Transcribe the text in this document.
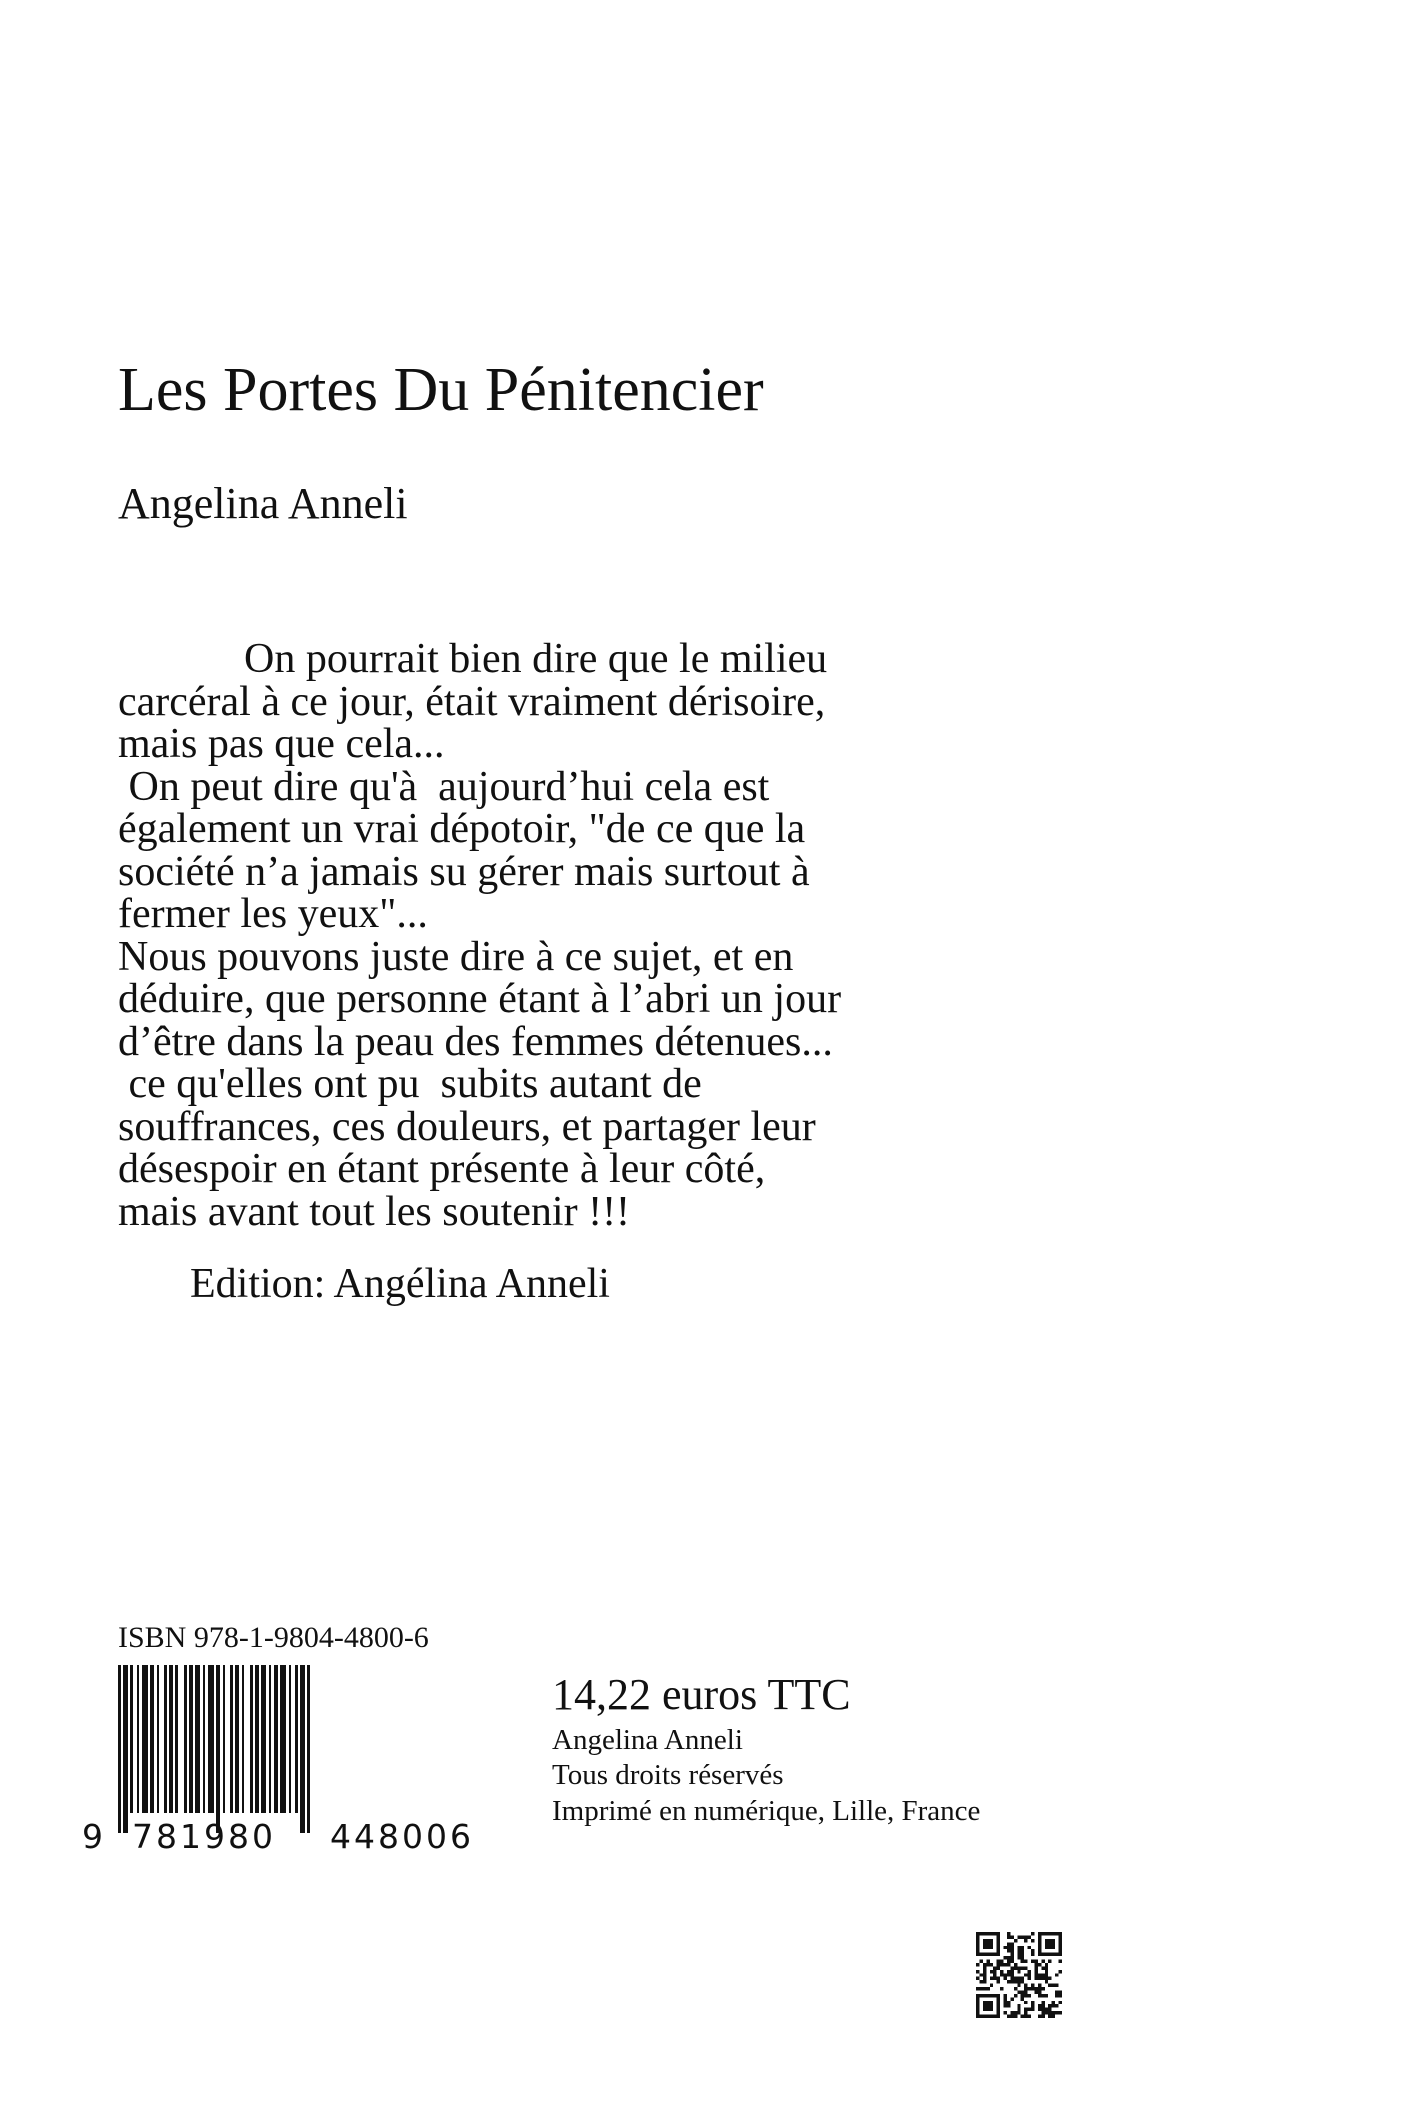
Les Portes Du Pénitencier
Angelina Anneli
On pourrait bien dire que le milieu
carcéral à ce jour, était vraiment dérisoire,
mais pas que cela...
On peut dire qu'à  aujourd’hui cela est
également un vrai dépotoir, "de ce que la
société n’a jamais su gérer mais surtout à
fermer les yeux"...
Nous pouvons juste dire à ce sujet, et en
déduire, que personne étant à l’abri un jour
d’être dans la peau des femmes détenues...
ce qu'elles ont pu  subits autant de
souffrances, ces douleurs, et partager leur
désespoir en étant présente à leur côté,
mais avant tout les soutenir !!!
Edition: Angélina Anneli
ISBN 978-1-9804-4800-6
9 781980 448006
14,22 euros TTC
Angelina Anneli
Tous droits réservés
Imprimé en numérique, Lille, France
